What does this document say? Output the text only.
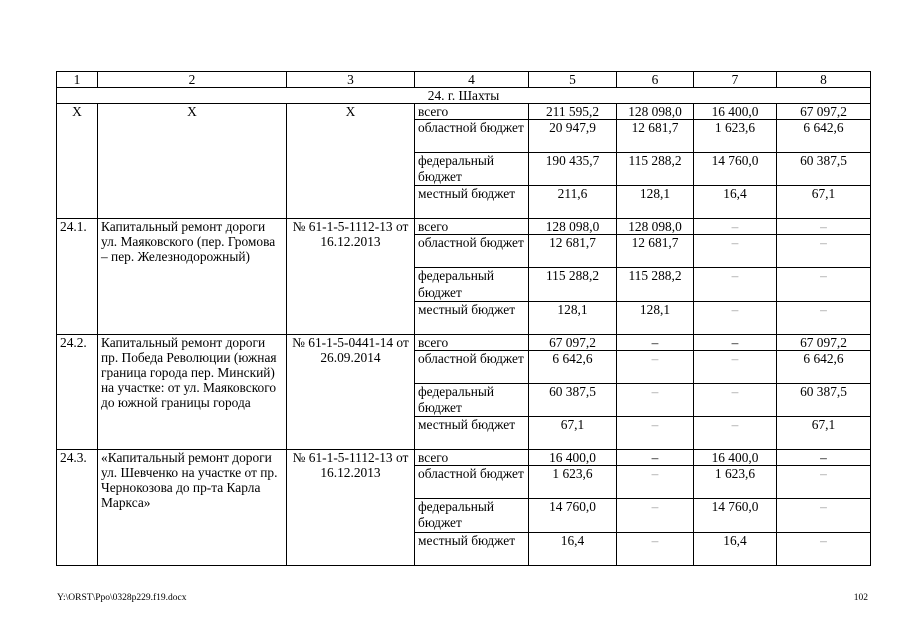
1	2	3	4	5	6	7	8
24. г. Шахты							
Х	Х	Х	всего	211 595,2	128 098,0	16 400,0	67 097,2
			областной бюджет	20 947,9	12 681,7	1 623,6	6 642,6
			федеральный бюджет	190 435,7	115 288,2	14 760,0	60 387,5
			местный бюджет	211,6	128,1	16,4	67,1
24.1.	Капитальный ремонт дороги ул. Маяковского (пер. Громова – пер. Железнодорожный)	№ 61-1-5-1112-13 от 16.12.2013	всего	128 098,0	128 098,0	–	–
			областной бюджет	12 681,7	12 681,7	–	–
			федеральный бюджет	115 288,2	115 288,2	–	–
			местный бюджет	128,1	128,1	–	–
24.2.	Капитальный ремонт дороги пр. Победа Революции (южная граница города пер. Минский) на участке: от ул. Маяковского до южной границы города	№ 61-1-5-0441-14 от 26.09.2014	всего	67 097,2	–	–	67 097,2
			областной бюджет	6 642,6	–	–	6 642,6
			федеральный бюджет	60 387,5	–	–	60 387,5
			местный бюджет	67,1	–	–	67,1
24.3.	«Капитальный ремонт дороги ул. Шевченко на участке от пр. Чернокозова до пр-та Карла Маркса»	№ 61-1-5-1112-13 от 16.12.2013	всего	16 400,0	–	16 400,0	–
			областной бюджет	1 623,6	–	1 623,6	–
			федеральный бюджет	14 760,0	–	14 760,0	–
			местный бюджет	16,4	–	16,4	–
Y:\ORST\Ppo\0328p229.f19.docx	102
